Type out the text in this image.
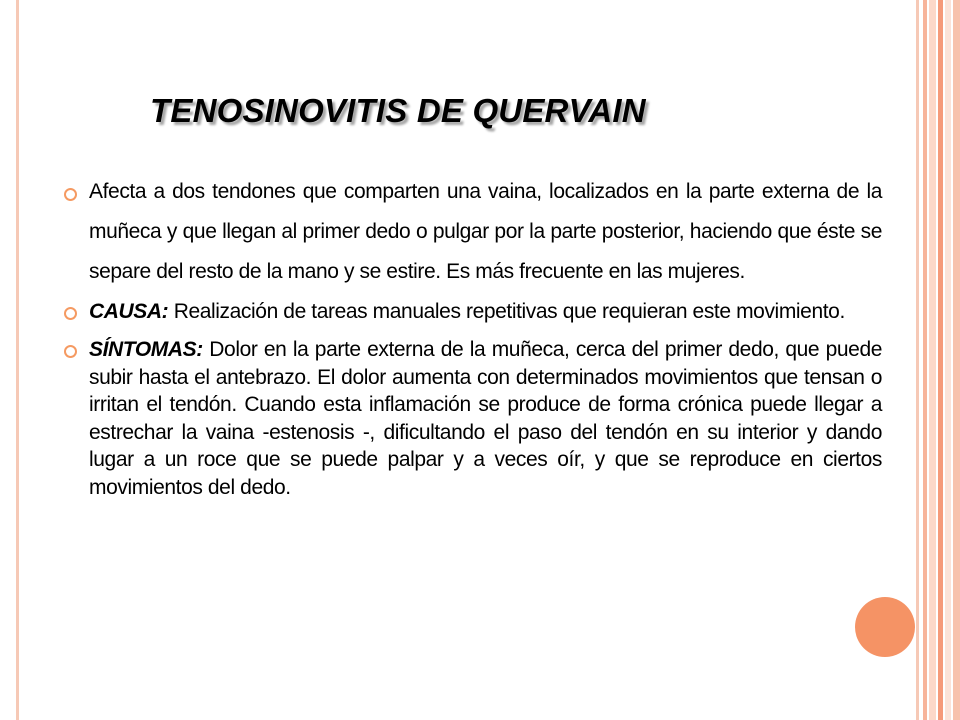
TENOSINOVITIS DE QUERVAIN
Afecta a dos tendones que comparten una vaina, localizados en la parte externa de la muñeca y que llegan al primer dedo o pulgar por la parte posterior, haciendo que éste se separe del resto de la mano y se estire. Es más frecuente en las mujeres.
CAUSA: Realización de tareas manuales repetitivas que requieran este movimiento.
SÍNTOMAS: Dolor en la parte externa de la muñeca, cerca del primer dedo, que puede subir hasta el antebrazo. El dolor aumenta con determinados movimientos que tensan o irritan el tendón. Cuando esta inflamación se produce de forma crónica puede llegar a estrechar la vaina -estenosis -, dificultando el paso del tendón en su interior y dando lugar a un roce que se puede palpar y a veces oír, y que se reproduce en ciertos movimientos del dedo.
